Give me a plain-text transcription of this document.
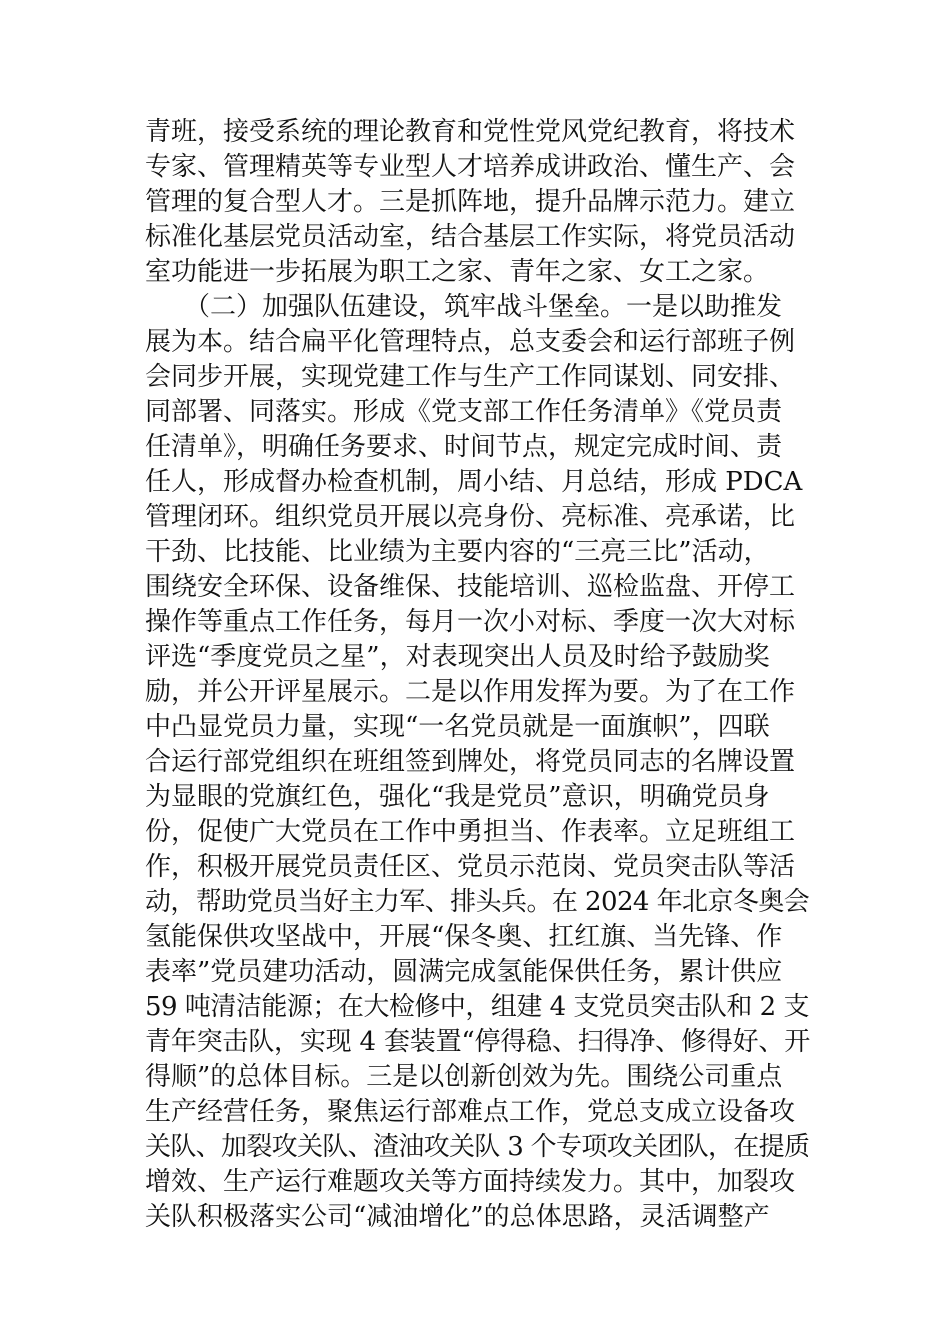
青班，接受系统的理论教育和党性党风党纪教育，将技术
专家、管理精英等专业型人才培养成讲政治、懂生产、会
管理的复合型人才。三是抓阵地，提升品牌示范力。建立
标准化基层党员活动室，结合基层工作实际，将党员活动
室功能进一步拓展为职工之家、青年之家、女工之家。
　　（二）加强队伍建设，筑牢战斗堡垒。一是以助推发
展为本。结合扁平化管理特点，总支委会和运行部班子例
会同步开展，实现党建工作与生产工作同谋划、同安排、
同部署、同落实。形成《党支部工作任务清单》《党员责
任清单》，明确任务要求、时间节点，规定完成时间、责
任人，形成督办检查机制，周小结、月总结，形成 PDCA
管理闭环。组织党员开展以亮身份、亮标准、亮承诺，比
干劲、比技能、比业绩为主要内容的“三亮三比”活动，
围绕安全环保、设备维保、技能培训、巡检监盘、开停工
操作等重点工作任务，每月一次小对标、季度一次大对标
评选“季度党员之星”，对表现突出人员及时给予鼓励奖
励，并公开评星展示。二是以作用发挥为要。为了在工作
中凸显党员力量，实现“一名党员就是一面旗帜”，四联
合运行部党组织在班组签到牌处，将党员同志的名牌设置
为显眼的党旗红色，强化“我是党员”意识，明确党员身
份，促使广大党员在工作中勇担当、作表率。立足班组工
作，积极开展党员责任区、党员示范岗、党员突击队等活
动，帮助党员当好主力军、排头兵。在 2024 年北京冬奥会
氢能保供攻坚战中，开展“保冬奥、扛红旗、当先锋、作
表率”党员建功活动，圆满完成氢能保供任务，累计供应
59 吨清洁能源；在大检修中，组建 4 支党员突击队和 2 支
青年突击队，实现 4 套装置“停得稳、扫得净、修得好、开
得顺”的总体目标。三是以创新创效为先。围绕公司重点
生产经营任务，聚焦运行部难点工作，党总支成立设备攻
关队、加裂攻关队、渣油攻关队 3 个专项攻关团队，在提质
增效、生产运行难题攻关等方面持续发力。其中，加裂攻
关队积极落实公司“减油增化”的总体思路，灵活调整产
